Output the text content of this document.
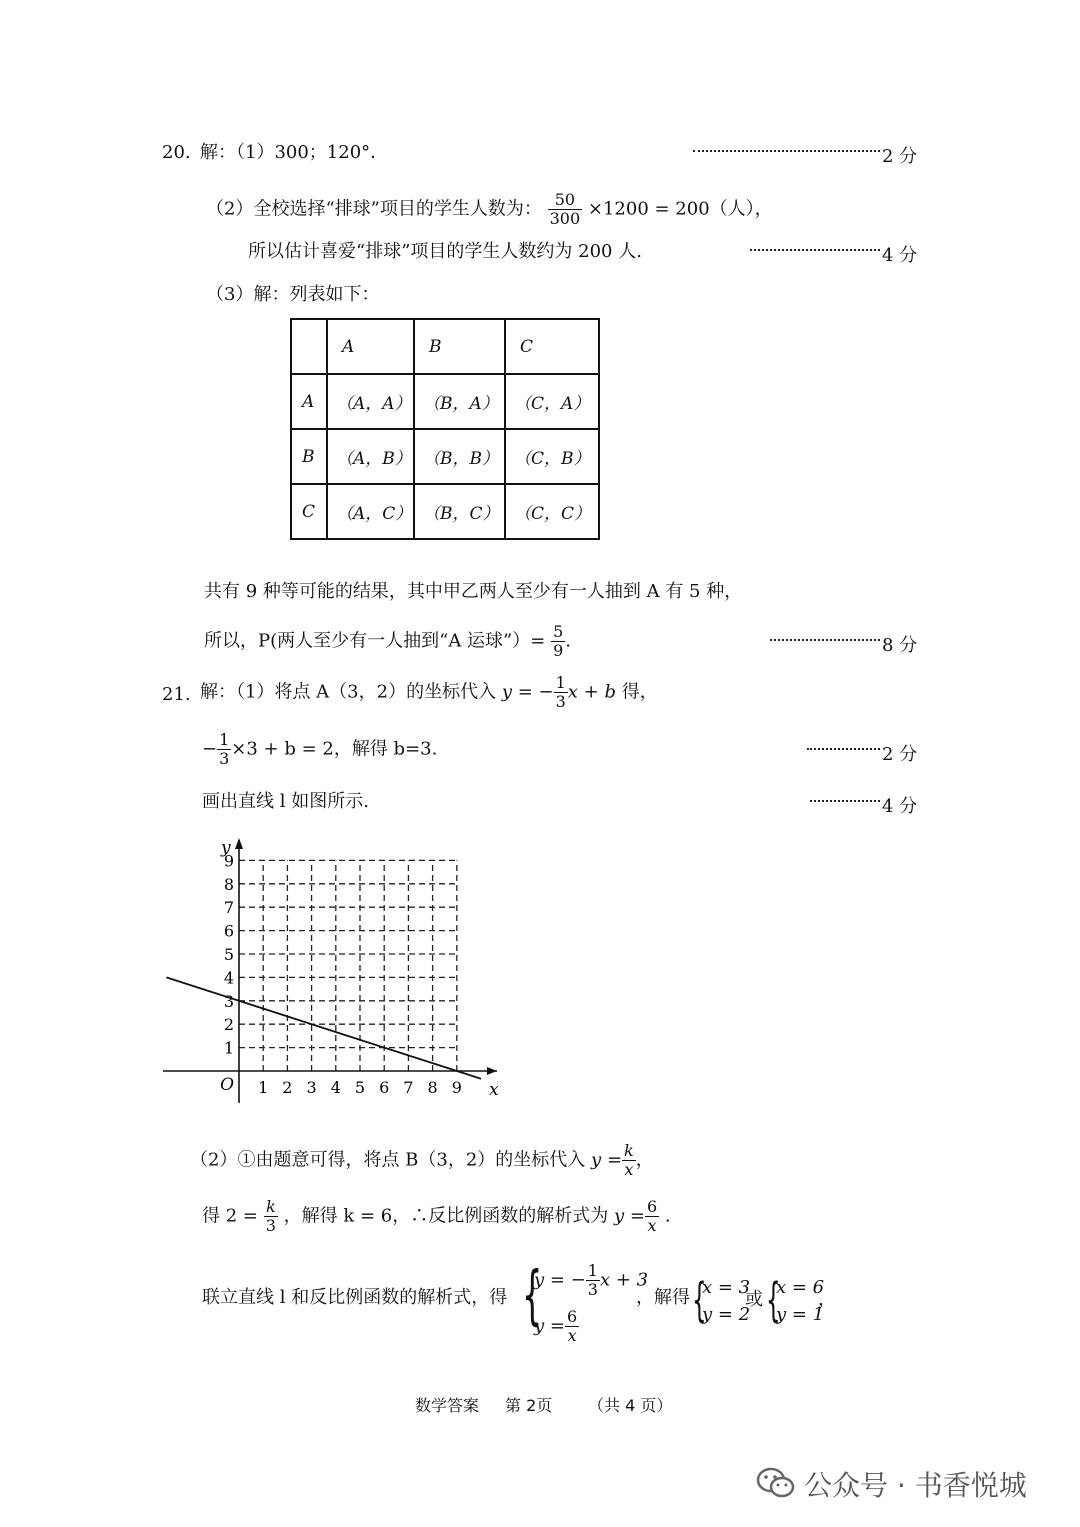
20. 解：（1）300；120°．	2 分
（2）全校选择“排球”项目的学生人数为： $\frac{50}{300} \times 1200 = 200$（人），
所以估计喜爱“排球”项目的学生人数约为 200 人.	4 分
（3）解：列表如下：
	A	B	C
A	（A，A）	（B，A）	（C，A）
B	（A，B）	（B，B）	（C，B）
C	（A，C）	（B，C）	（C，C）
共有 9 种等可能的结果，其中甲乙两人至少有一人抽到 A 有 5 种，
所以，P(两人至少有一人抽到“A 运球”）= $\frac{5}{9}$ .	8 分
21. 解：（1）将点 A（3，2）的坐标代入 y = − $\frac{1}{3}$ x + b 得，
− $\frac{1}{3} \times 3 + b = 2$，解得 b=3.	2 分
画出直线 l 如图所示.	4 分
1 2 3 4 5 6 7 8 9
1
2
3
4
5
6
7
8
9
O	x
y
（2）①由题意可得，将点 B（3，2）的坐标代入 $y = \frac{k}{x}$ ，
得 $2 = \frac{k}{3}$ ，解得 k = 6，∴反比例函数的解析式为 $y = \frac{6}{x}$ .
联立直线 l 和反比例函数的解析式，得 {
y = − $\frac{1}{3}$ x + 3
$y = \frac{6}{x}$
，解得 {
x = 3
y = 2
或 {
x = 6
y = 1
，
数学答案 第 2页 （共 4 页）
公众号 · 书香悦城
